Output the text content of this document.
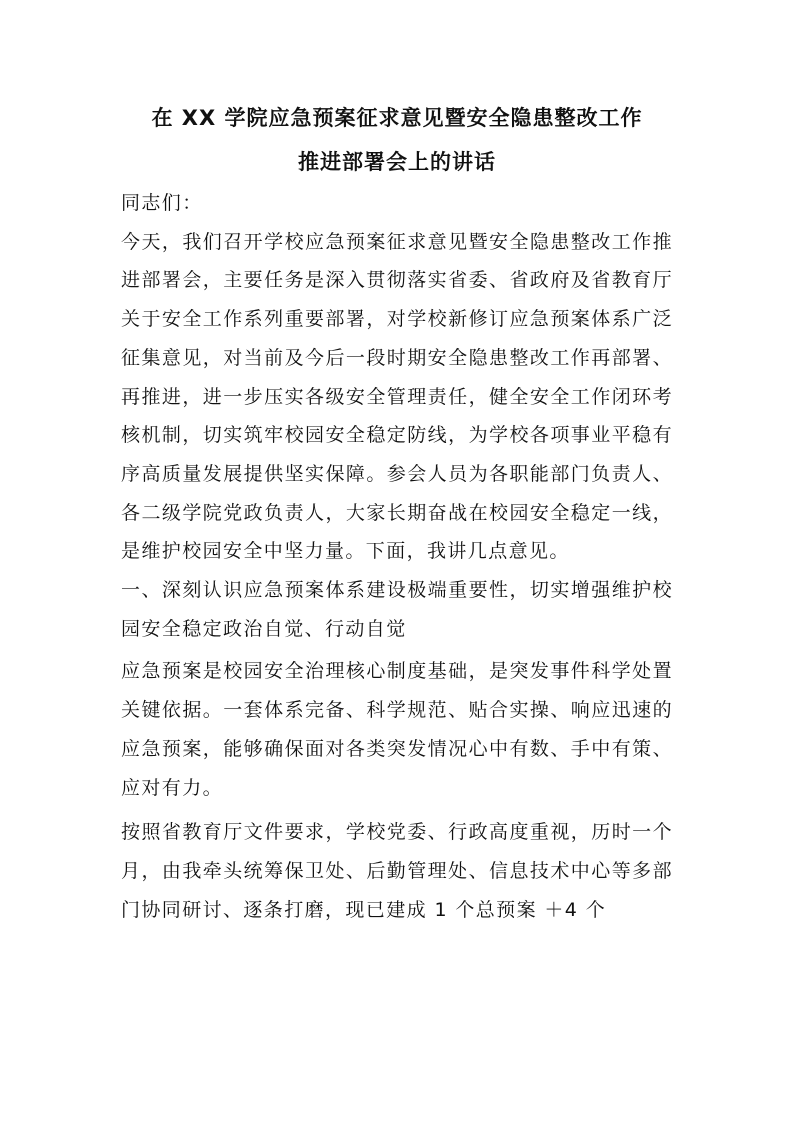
在 XX 学院应急预案征求意见暨安全隐患整改工作
推进部署会上的讲话

同志们：

今天，我们召开学校应急预案征求意见暨安全隐患整改工作推进部署会，主要任务是深入贯彻落实省委、省政府及省教育厅关于安全工作系列重要部署，对学校新修订应急预案体系广泛征集意见，对当前及今后一段时期安全隐患整改工作再部署、再推进，进一步压实各级安全管理责任，健全安全工作闭环考核机制，切实筑牢校园安全稳定防线，为学校各项事业平稳有序高质量发展提供坚实保障。参会人员为各职能部门负责人、各二级学院党政负责人，大家长期奋战在校园安全稳定一线，是维护校园安全中坚力量。下面，我讲几点意见。

一、深刻认识应急预案体系建设极端重要性，切实增强维护校园安全稳定政治自觉、行动自觉

应急预案是校园安全治理核心制度基础，是突发事件科学处置关键依据。一套体系完备、科学规范、贴合实操、响应迅速的应急预案，能够确保面对各类突发情况心中有数、手中有策、应对有力。

按照省教育厅文件要求，学校党委、行政高度重视，历时一个月，由我牵头统筹保卫处、后勤管理处、信息技术中心等多部门协同研讨、逐条打磨，现已建成 1 个总预案 ＋4 个
